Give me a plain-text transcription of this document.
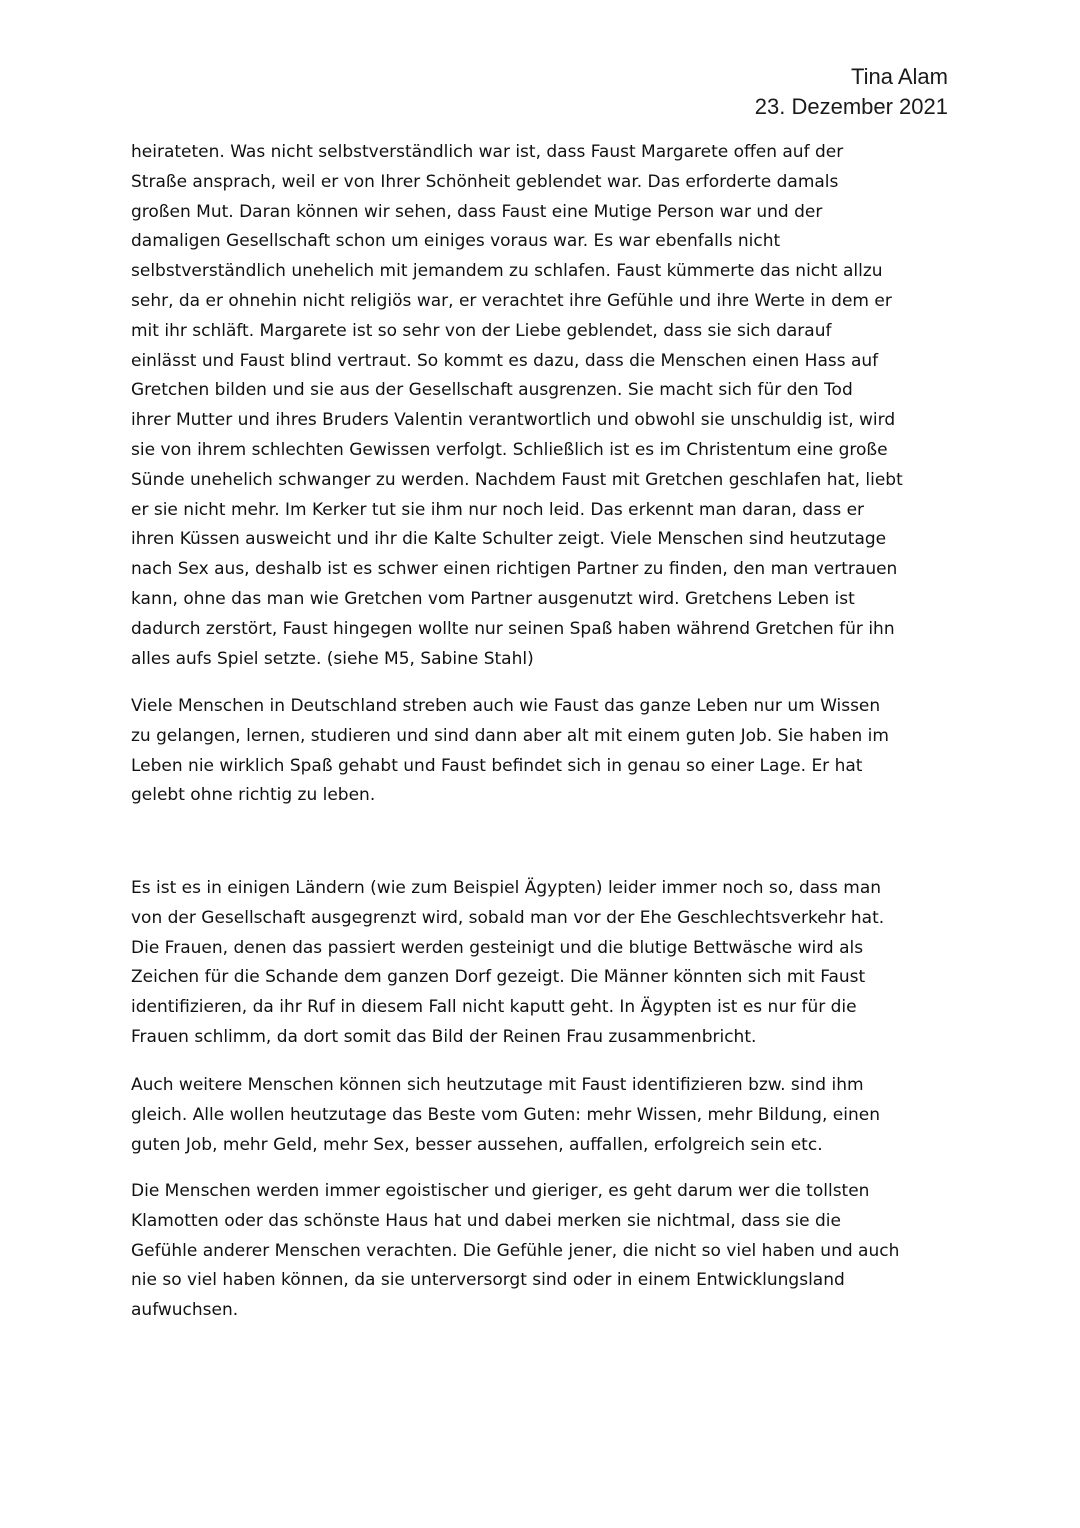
Tina Alam
23. Dezember 2021

heirateten. Was nicht selbstverständlich war ist, dass Faust Margarete offen auf der
Straße ansprach, weil er von Ihrer Schönheit geblendet war. Das erforderte damals
großen Mut. Daran können wir sehen, dass Faust eine Mutige Person war und der
damaligen Gesellschaft schon um einiges voraus war. Es war ebenfalls nicht
selbstverständlich unehelich mit jemandem zu schlafen. Faust kümmerte das nicht allzu
sehr, da er ohnehin nicht religiös war, er verachtet ihre Gefühle und ihre Werte in dem er
mit ihr schläft. Margarete ist so sehr von der Liebe geblendet, dass sie sich darauf
einlässt und Faust blind vertraut. So kommt es dazu, dass die Menschen einen Hass auf
Gretchen bilden und sie aus der Gesellschaft ausgrenzen. Sie macht sich für den Tod
ihrer Mutter und ihres Bruders Valentin verantwortlich und obwohl sie unschuldig ist, wird
sie von ihrem schlechten Gewissen verfolgt. Schließlich ist es im Christentum eine große
Sünde unehelich schwanger zu werden. Nachdem Faust mit Gretchen geschlafen hat, liebt
er sie nicht mehr. Im Kerker tut sie ihm nur noch leid. Das erkennt man daran, dass er
ihren Küssen ausweicht und ihr die Kalte Schulter zeigt. Viele Menschen sind heutzutage
nach Sex aus, deshalb ist es schwer einen richtigen Partner zu finden, den man vertrauen
kann, ohne das man wie Gretchen vom Partner ausgenutzt wird. Gretchens Leben ist
dadurch zerstört, Faust hingegen wollte nur seinen Spaß haben während Gretchen für ihn
alles aufs Spiel setzte. (siehe M5, Sabine Stahl)

Viele Menschen in Deutschland streben auch wie Faust das ganze Leben nur um Wissen
zu gelangen, lernen, studieren und sind dann aber alt mit einem guten Job. Sie haben im
Leben nie wirklich Spaß gehabt und Faust befindet sich in genau so einer Lage. Er hat
gelebt ohne richtig zu leben.

Es ist es in einigen Ländern (wie zum Beispiel Ägypten) leider immer noch so, dass man
von der Gesellschaft ausgegrenzt wird, sobald man vor der Ehe Geschlechtsverkehr hat.
Die Frauen, denen das passiert werden gesteinigt und die blutige Bettwäsche wird als
Zeichen für die Schande dem ganzen Dorf gezeigt. Die Männer könnten sich mit Faust
identifizieren, da ihr Ruf in diesem Fall nicht kaputt geht. In Ägypten ist es nur für die
Frauen schlimm, da dort somit das Bild der Reinen Frau zusammenbricht.

Auch weitere Menschen können sich heutzutage mit Faust identifizieren bzw. sind ihm
gleich. Alle wollen heutzutage das Beste vom Guten: mehr Wissen, mehr Bildung, einen
guten Job, mehr Geld, mehr Sex, besser aussehen, auffallen, erfolgreich sein etc.

Die Menschen werden immer egoistischer und gieriger, es geht darum wer die tollsten
Klamotten oder das schönste Haus hat und dabei merken sie nichtmal, dass sie die
Gefühle anderer Menschen verachten. Die Gefühle jener, die nicht so viel haben und auch
nie so viel haben können, da sie unterversorgt sind oder in einem Entwicklungsland
aufwuchsen.
